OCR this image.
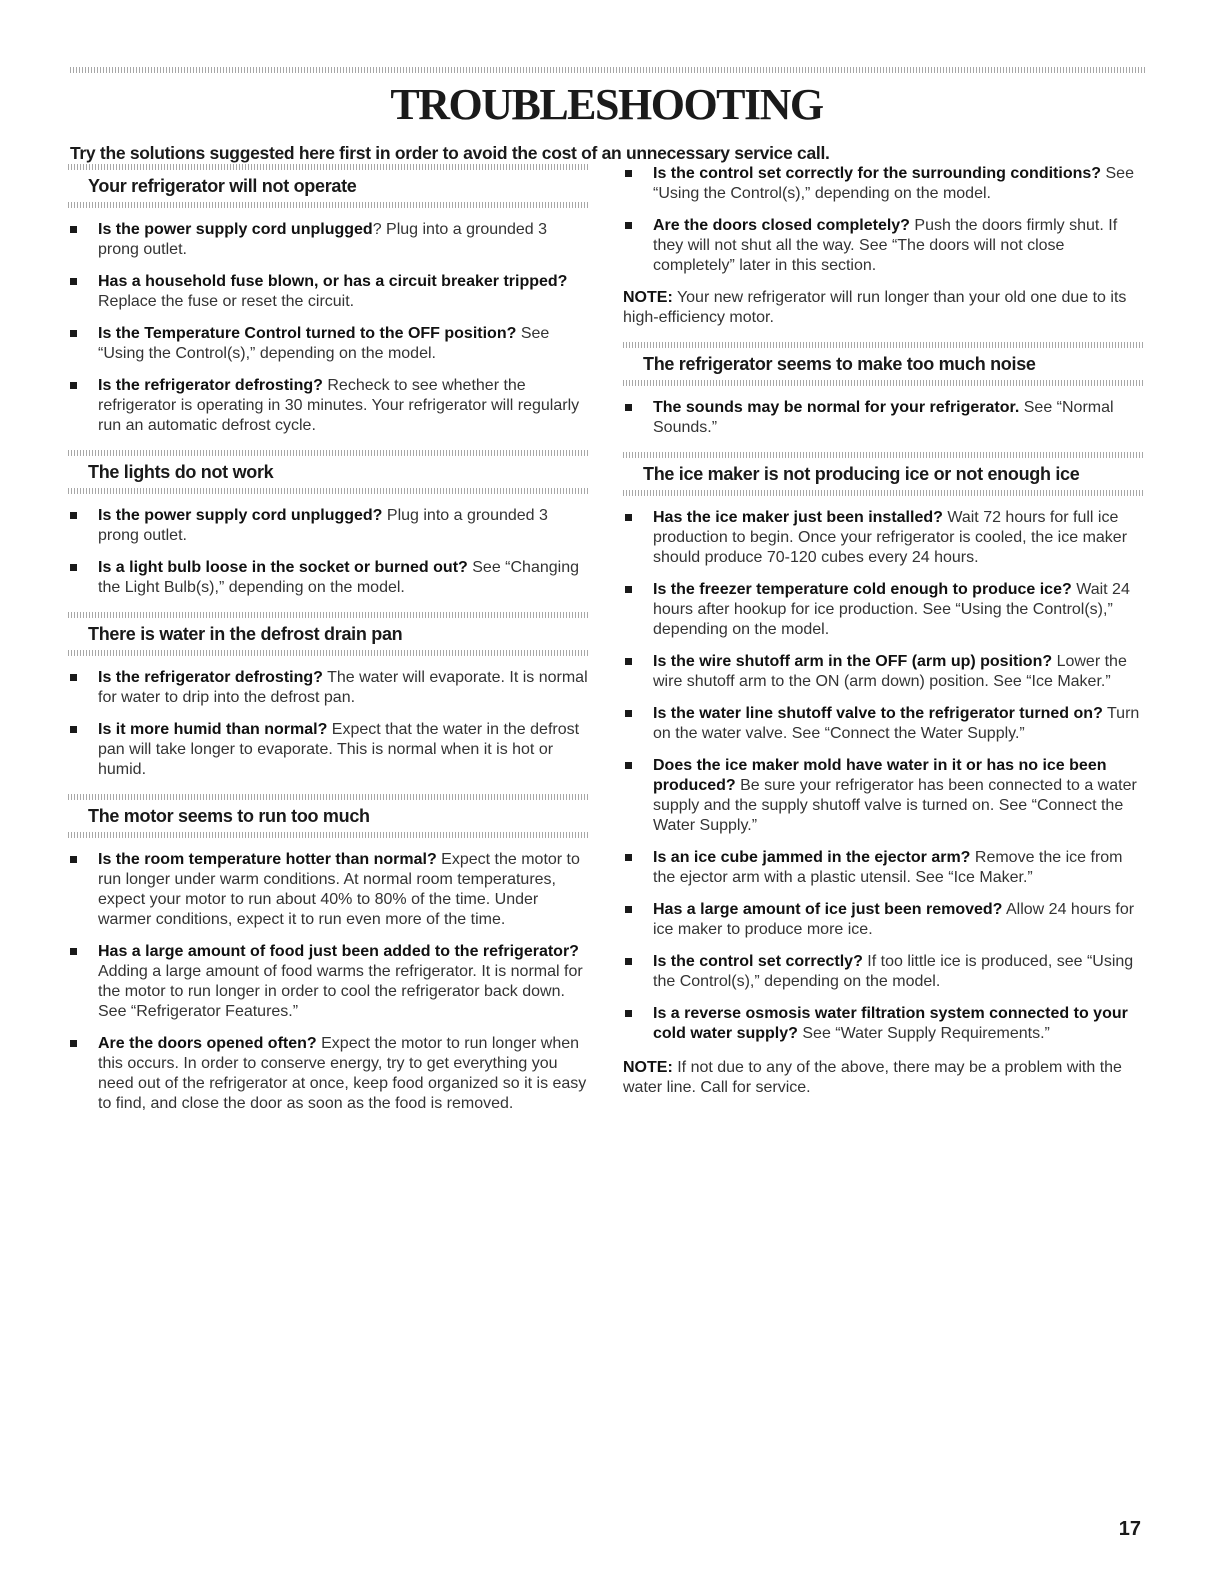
TROUBLESHOOTING

Try the solutions suggested here first in order to avoid the cost of an unnecessary service call.

Your refrigerator will not operate
Is the power supply cord unplugged? Plug into a grounded 3 prong outlet.
Has a household fuse blown, or has a circuit breaker tripped? Replace the fuse or reset the circuit.
Is the Temperature Control turned to the OFF position? See “Using the Control(s),” depending on the model.
Is the refrigerator defrosting? Recheck to see whether the refrigerator is operating in 30 minutes. Your refrigerator will regularly run an automatic defrost cycle.
The lights do not work
Is the power supply cord unplugged? Plug into a grounded 3 prong outlet.
Is a light bulb loose in the socket or burned out? See “Changing the Light Bulb(s),” depending on the model.
There is water in the defrost drain pan
Is the refrigerator defrosting? The water will evaporate. It is normal for water to drip into the defrost pan.
Is it more humid than normal? Expect that the water in the defrost pan will take longer to evaporate. This is normal when it is hot or humid.
The motor seems to run too much
Is the room temperature hotter than normal? Expect the motor to run longer under warm conditions. At normal room temperatures, expect your motor to run about 40% to 80% of the time. Under warmer conditions, expect it to run even more of the time.
Has a large amount of food just been added to the refrigerator? Adding a large amount of food warms the refrigerator. It is normal for the motor to run longer in order to cool the refrigerator back down. See “Refrigerator Features.”
Are the doors opened often? Expect the motor to run longer when this occurs. In order to conserve energy, try to get everything you need out of the refrigerator at once, keep food organized so it is easy to find, and close the door as soon as the food is removed.
Is the control set correctly for the surrounding conditions? See “Using the Control(s),” depending on the model.
Are the doors closed completely? Push the doors firmly shut. If they will not shut all the way. See “The doors will not close completely” later in this section.

NOTE: Your new refrigerator will run longer than your old one due to its high-efficiency motor.

The refrigerator seems to make too much noise
The sounds may be normal for your refrigerator. See “Normal Sounds.”
The ice maker is not producing ice or not enough ice
Has the ice maker just been installed? Wait 72 hours for full ice production to begin. Once your refrigerator is cooled, the ice maker should produce 70-120 cubes every 24 hours.
Is the freezer temperature cold enough to produce ice? Wait 24 hours after hookup for ice production. See “Using the Control(s),” depending on the model.
Is the wire shutoff arm in the OFF (arm up) position? Lower the wire shutoff arm to the ON (arm down) position. See “Ice Maker.”
Is the water line shutoff valve to the refrigerator turned on? Turn on the water valve. See “Connect the Water Supply.”
Does the ice maker mold have water in it or has no ice been produced? Be sure your refrigerator has been connected to a water supply and the supply shutoff valve is turned on. See “Connect the Water Supply.”
Is an ice cube jammed in the ejector arm? Remove the ice from the ejector arm with a plastic utensil. See “Ice Maker.”
Has a large amount of ice just been removed? Allow 24 hours for ice maker to produce more ice.
Is the control set correctly? If too little ice is produced, see “Using the Control(s),” depending on the model.
Is a reverse osmosis water filtration system connected to your cold water supply? See “Water Supply Requirements.”

NOTE: If not due to any of the above, there may be a problem with the water line. Call for service.

17
